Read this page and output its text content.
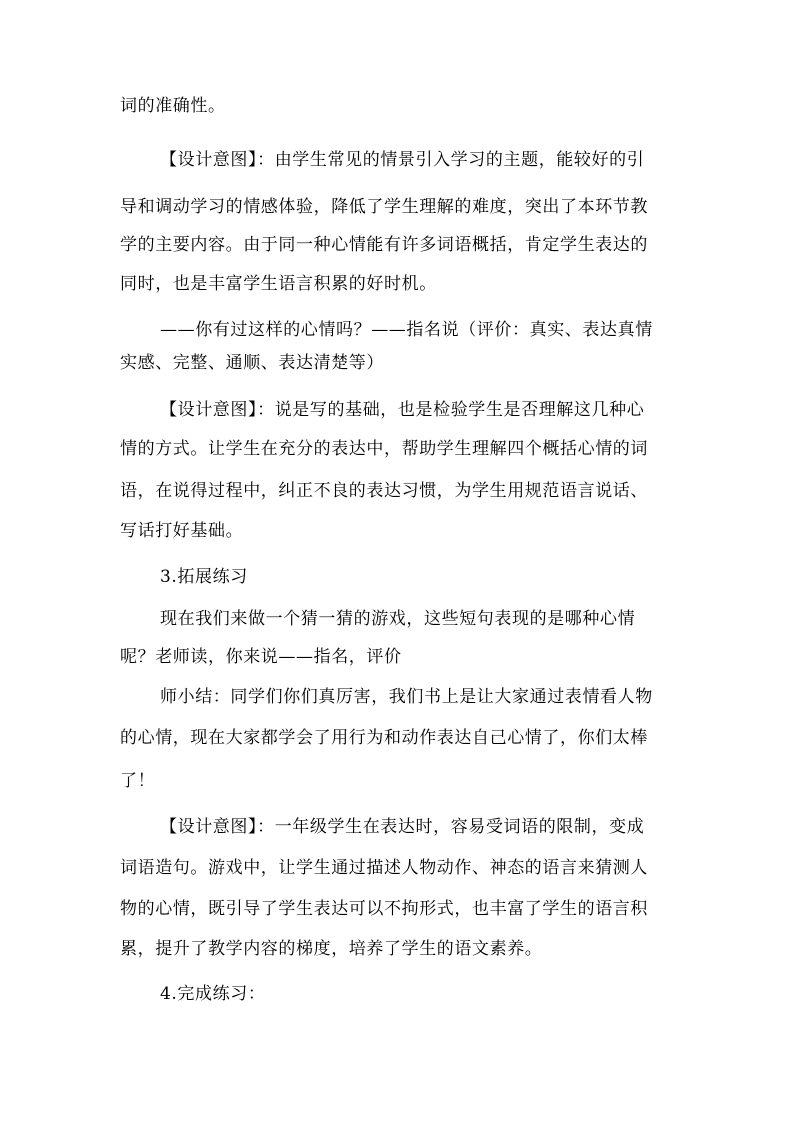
词的准确性。
【设计意图】：由学生常见的情景引入学习的主题，能较好的引
导和调动学习的情感体验，降低了学生理解的难度，突出了本环节教
学的主要内容。由于同一种心情能有许多词语概括，肯定学生表达的
同时，也是丰富学生语言积累的好时机。
——你有过这样的心情吗？——指名说（评价：真实、表达真情
实感、完整、通顺、表达清楚等）
【设计意图】：说是写的基础，也是检验学生是否理解这几种心
情的方式。让学生在充分的表达中，帮助学生理解四个概括心情的词
语，在说得过程中，纠正不良的表达习惯，为学生用规范语言说话、
写话打好基础。
3.拓展练习
现在我们来做一个猜一猜的游戏，这些短句表现的是哪种心情
呢？老师读，你来说——指名，评价
师小结：同学们你们真厉害，我们书上是让大家通过表情看人物
的心情，现在大家都学会了用行为和动作表达自己心情了，你们太棒
了！
【设计意图】：一年级学生在表达时，容易受词语的限制，变成
词语造句。游戏中，让学生通过描述人物动作、神态的语言来猜测人
物的心情，既引导了学生表达可以不拘形式，也丰富了学生的语言积
累，提升了教学内容的梯度，培养了学生的语文素养。
4.完成练习：
